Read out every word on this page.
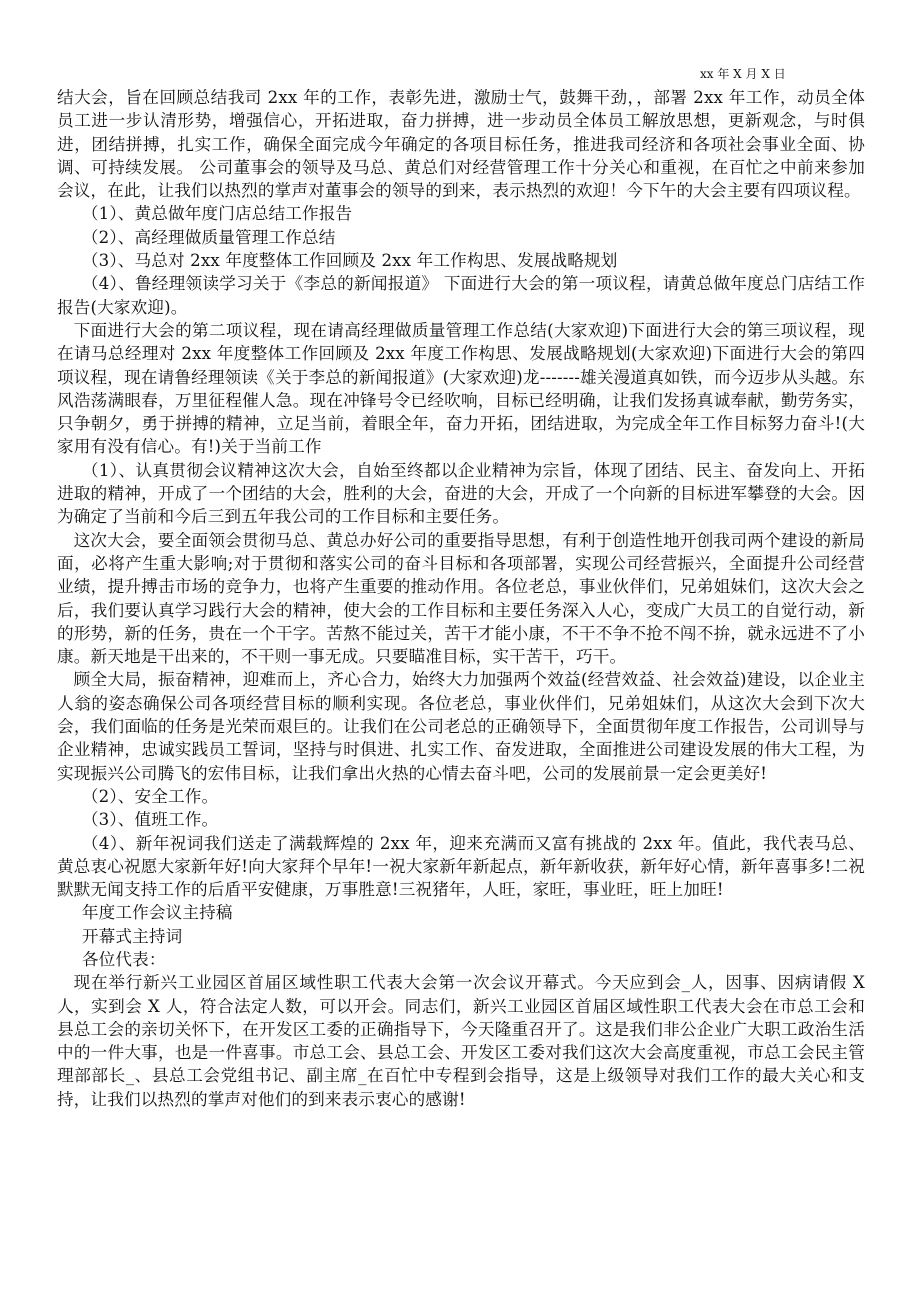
xx 年 X 月 X 日

结大会，旨在回顾总结我司 2xx 年的工作，表彰先进，激励士气，鼓舞干劲，，部署 2xx 年工作，动员全体员工进一步认清形势，增强信心，开拓进取，奋力拼搏，进一步动员全体员工解放思想，更新观念，与时俱进，团结拼搏，扎实工作，确保全面完成今年确定的各项目标任务，推进我司经济和各项社会事业全面、协调、可持续发展。 公司董事会的领导及马总、黄总们对经营管理工作十分关心和重视，在百忙之中前来参加会议，在此，让我们以热烈的掌声对董事会的领导的到来，表示热烈的欢迎！今下午的大会主要有四项议程。

（1）、黄总做年度门店总结工作报告

（2）、高经理做质量管理工作总结

（3）、马总对 2xx 年度整体工作回顾及 2xx 年工作构思、发展战略规划

（4）、鲁经理领读学习关于《李总的新闻报道》 下面进行大会的第一项议程，请黄总做年度总门店结工作报告(大家欢迎)。

下面进行大会的第二项议程，现在请高经理做质量管理工作总结(大家欢迎)下面进行大会的第三项议程，现在请马总经理对 2xx 年度整体工作回顾及 2xx 年度工作构思、发展战略规划(大家欢迎)下面进行大会的第四项议程，现在请鲁经理领读《关于李总的新闻报道》(大家欢迎)龙-------雄关漫道真如铁，而今迈步从头越。东风浩荡满眼春，万里征程催人急。现在冲锋号令已经吹响，目标已经明确，让我们发扬真诚奉献，勤劳务实，只争朝夕，勇于拼搏的精神，立足当前，着眼全年，奋力开拓，团结进取，为完成全年工作目标努力奋斗!(大家用有没有信心。有!)关于当前工作

（1）、认真贯彻会议精神这次大会，自始至终都以企业精神为宗旨，体现了团结、民主、奋发向上、开拓进取的精神，开成了一个团结的大会，胜利的大会，奋进的大会，开成了一个向新的目标进军攀登的大会。因为确定了当前和今后三到五年我公司的工作目标和主要任务。

这次大会，要全面领会贯彻马总、黄总办好公司的重要指导思想，有利于创造性地开创我司两个建设的新局面，必将产生重大影响;对于贯彻和落实公司的奋斗目标和各项部署，实现公司经营振兴，全面提升公司经营业绩，提升搏击市场的竞争力，也将产生重要的推动作用。各位老总，事业伙伴们，兄弟姐妹们，这次大会之后，我们要认真学习践行大会的精神，使大会的工作目标和主要任务深入人心，变成广大员工的自觉行动，新的形势，新的任务，贵在一个干字。苦熬不能过关，苦干才能小康，不干不争不抢不闯不拚，就永远进不了小康。新天地是干出来的，不干则一事无成。只要瞄准目标，实干苦干，巧干。

顾全大局，振奋精神，迎难而上，齐心合力，始终大力加强两个效益(经营效益、社会效益)建设，以企业主人翁的姿态确保公司各项经营目标的顺利实现。各位老总，事业伙伴们，兄弟姐妹们，从这次大会到下次大会，我们面临的任务是光荣而艰巨的。让我们在公司老总的正确领导下，全面贯彻年度工作报告，公司训导与企业精神，忠诚实践员工誓词，坚持与时俱进、扎实工作、奋发进取，全面推进公司建设发展的伟大工程，为实现振兴公司腾飞的宏伟目标，让我们拿出火热的心情去奋斗吧，公司的发展前景一定会更美好!

（2）、安全工作。

（3）、值班工作。

（4）、新年祝词我们送走了满载辉煌的 2xx 年，迎来充满而又富有挑战的 2xx 年。值此，我代表马总、黄总衷心祝愿大家新年好!向大家拜个早年!一祝大家新年新起点，新年新收获，新年好心情，新年喜事多!二祝默默无闻支持工作的后盾平安健康，万事胜意!三祝猪年，人旺，家旺，事业旺，旺上加旺!

年度工作会议主持稿

开幕式主持词

各位代表：

现在举行新兴工业园区首届区域性职工代表大会第一次会议开幕式。今天应到会_人，因事、因病请假 X 人，实到会 X 人，符合法定人数，可以开会。同志们，新兴工业园区首届区域性职工代表大会在市总工会和县总工会的亲切关怀下，在开发区工委的正确指导下，今天隆重召开了。这是我们非公企业广大职工政治生活中的一件大事，也是一件喜事。市总工会、县总工会、开发区工委对我们这次大会高度重视，市总工会民主管理部部长_、县总工会党组书记、副主席_在百忙中专程到会指导，这是上级领导对我们工作的最大关心和支持，让我们以热烈的掌声对他们的到来表示衷心的感谢!
